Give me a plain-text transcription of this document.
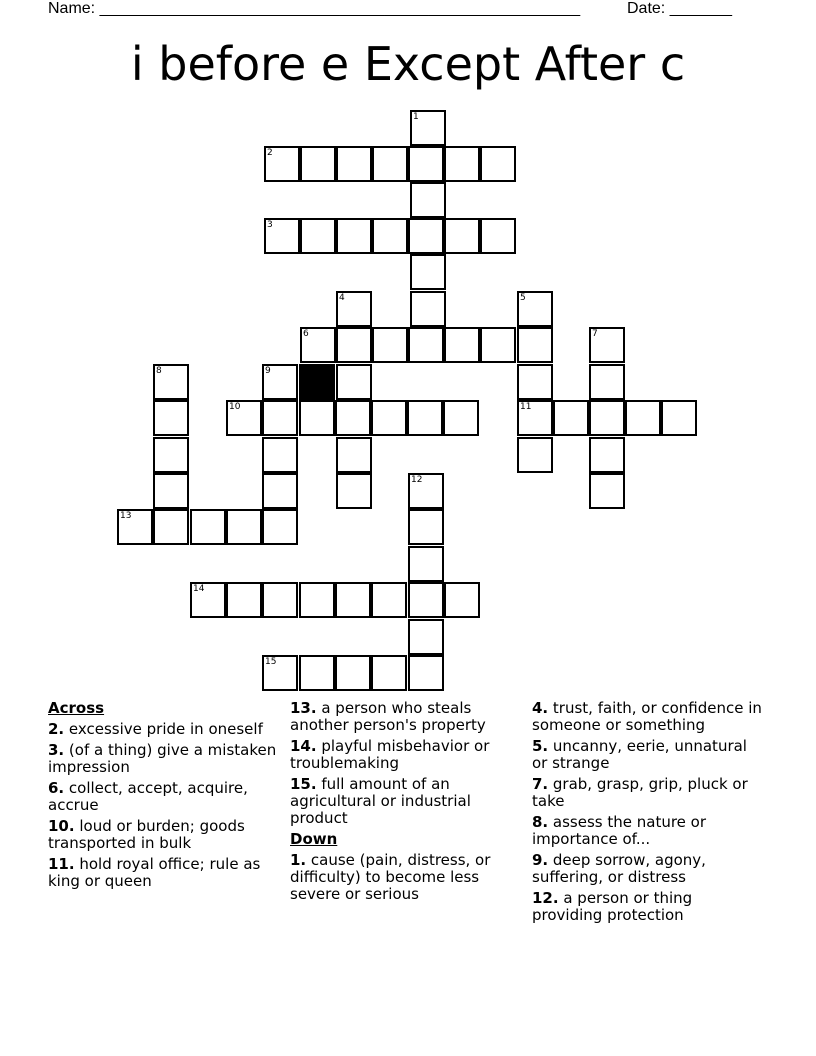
Name: ______________________________________________________	Date: _______
i before e Except After c
1
2
3
4	5
6	7
8	9
10	11
12
13
14
15
Across
2. excessive pride in oneself
3. (of a thing) give a mistaken impression
6. collect, accept, acquire, accrue
10. loud or burden; goods transported in bulk
11. hold royal office; rule as king or queen
13. a person who steals another person's property
14. playful misbehavior or troublemaking
15. full amount of an agricultural or industrial product
Down
1. cause (pain, distress, or difficulty) to become less severe or serious
4. trust, faith, or confidence in someone or something
5. uncanny, eerie, unnatural or strange
7. grab, grasp, grip, pluck or take
8. assess the nature or importance of...
9. deep sorrow, agony, suffering, or distress
12. a person or thing providing protection
